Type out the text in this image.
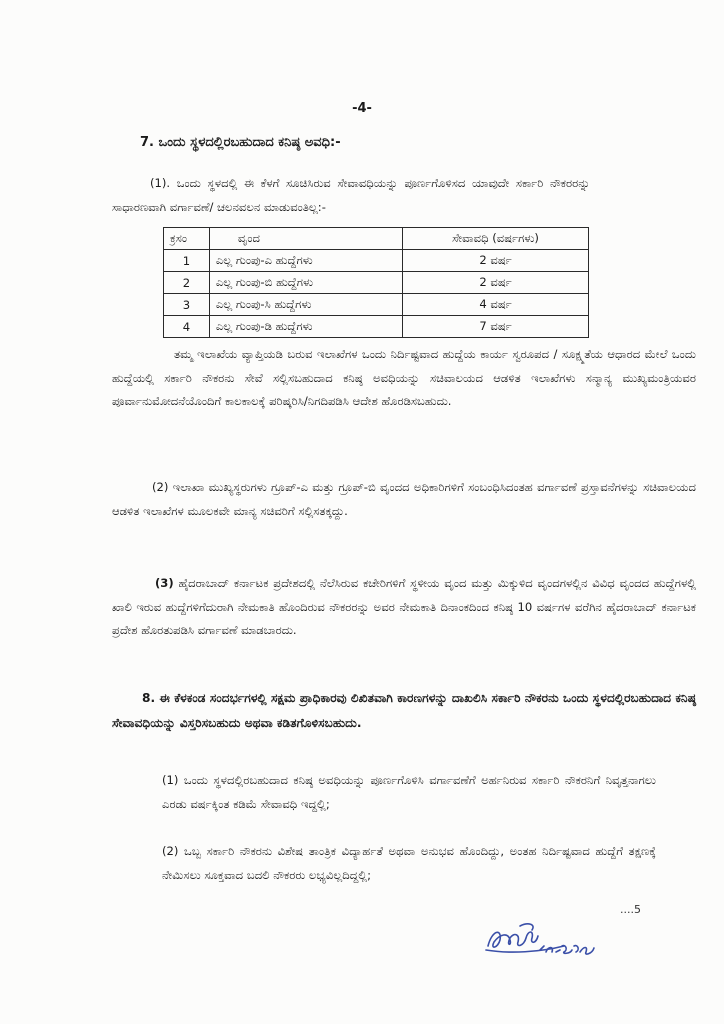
-4-

7. ಒಂದು ಸ್ಥಳದಲ್ಲಿರಬಹುದಾದ ಕನಿಷ್ಠ ಅವಧಿ:-

(1). ಒಂದು ಸ್ಥಳದಲ್ಲಿ ಈ ಕೆಳಗೆ ಸೂಚಿಸಿರುವ ಸೇವಾವಧಿಯನ್ನು ಪೂರ್ಣಗೊಳಿಸದ ಯಾವುದೇ ಸರ್ಕಾರಿ ನೌಕರರನ್ನು ಸಾಧಾರಣವಾಗಿ ವರ್ಗಾವಣೆ/ ಚಲನವಲನ ಮಾಡುವಂತಿಲ್ಲ:-

ಕ್ರಸಂ	ವೃಂದ	ಸೇವಾವಧಿ (ವರ್ಷಗಳು)
1	ಎಲ್ಲ ಗುಂಪು-ಎ ಹುದ್ದೆಗಳು	2 ವರ್ಷ
2	ಎಲ್ಲ ಗುಂಪು-ಬಿ ಹುದ್ದೆಗಳು	2 ವರ್ಷ
3	ಎಲ್ಲ ಗುಂಪು-ಸಿ ಹುದ್ದೆಗಳು	4 ವರ್ಷ
4	ಎಲ್ಲ ಗುಂಪು-ಡಿ ಹುದ್ದೆಗಳು	7 ವರ್ಷ

ತಮ್ಮ ಇಲಾಖೆಯ ವ್ಯಾಪ್ತಿಯಡಿ ಬರುವ ಇಲಾಖೆಗಳ ಒಂದು ನಿರ್ದಿಷ್ಟವಾದ ಹುದ್ದೆಯ ಕಾರ್ಯ ಸ್ವರೂಪದ / ಸೂಕ್ಷ್ಮತೆಯ ಆಧಾರದ ಮೇಲೆ ಒಂದು ಹುದ್ದೆಯಲ್ಲಿ ಸರ್ಕಾರಿ ನೌಕರನು ಸೇವೆ ಸಲ್ಲಿಸಬಹುದಾದ ಕನಿಷ್ಠ ಅವಧಿಯನ್ನು ಸಚಿವಾಲಯದ ಆಡಳಿತ ಇಲಾಖೆಗಳು ಸನ್ಮಾನ್ಯ ಮುಖ್ಯಮಂತ್ರಿಯವರ ಪೂರ್ವಾನುಮೋದನೆಯೊಂದಿಗೆ ಕಾಲಕಾಲಕ್ಕೆ ಪರಿಷ್ಕರಿಸಿ/ನಿಗದಿಪಡಿಸಿ ಆದೇಶ ಹೊರಡಿಸಬಹುದು.

(2) ಇಲಾಖಾ ಮುಖ್ಯಸ್ಥರುಗಳು ಗ್ರೂಪ್-ಎ ಮತ್ತು ಗ್ರೂಪ್-ಬಿ ವೃಂದದ ಅಧಿಕಾರಿಗಳಿಗೆ ಸಂಬಂಧಿಸಿದಂತಹ ವರ್ಗಾವಣೆ ಪ್ರಸ್ತಾವನೆಗಳನ್ನು ಸಚಿವಾಲಯದ ಆಡಳಿತ ಇಲಾಖೆಗಳ ಮೂಲಕವೇ ಮಾನ್ಯ ಸಚಿವರಿಗೆ ಸಲ್ಲಿಸತಕ್ಕದ್ದು.

(3) ಹೈದರಾಬಾದ್ ಕರ್ನಾಟಕ ಪ್ರದೇಶದಲ್ಲಿ ನೆಲೆಸಿರುವ ಕಚೇರಿಗಳಿಗೆ ಸ್ಥಳೀಯ ವೃಂದ ಮತ್ತು ಮಿಕ್ಕುಳಿದ ವೃಂದಗಳಲ್ಲಿನ ವಿವಿಧ ವೃಂದದ ಹುದ್ದೆಗಳಲ್ಲಿ ಖಾಲಿ ಇರುವ ಹುದ್ದೆಗಳಿಗೆದುರಾಗಿ ನೇಮಕಾತಿ ಹೊಂದಿರುವ ನೌಕರರನ್ನು ಅವರ ನೇಮಕಾತಿ ದಿನಾಂಕದಿಂದ ಕನಿಷ್ಠ 10 ವರ್ಷಗಳ ವರೆಗಿನ ಹೈದರಾಬಾದ್ ಕರ್ನಾಟಕ ಪ್ರದೇಶ ಹೊರತುಪಡಿಸಿ ವರ್ಗಾವಣೆ ಮಾಡಬಾರದು.

8. ಈ ಕೆಳಕಂಡ ಸಂದರ್ಭಗಳಲ್ಲಿ ಸಕ್ಷಮ ಪ್ರಾಧಿಕಾರವು ಲಿಖಿತವಾಗಿ ಕಾರಣಗಳನ್ನು ದಾಖಲಿಸಿ ಸರ್ಕಾರಿ ನೌಕರನು ಒಂದು ಸ್ಥಳದಲ್ಲಿರಬಹುದಾದ ಕನಿಷ್ಠ ಸೇವಾವಧಿಯನ್ನು ವಿಸ್ತರಿಸಬಹುದು ಅಥವಾ ಕಡಿತಗೊಳಿಸಬಹುದು.

(1) ಒಂದು ಸ್ಥಳದಲ್ಲಿರಬಹುದಾದ ಕನಿಷ್ಠ ಅವಧಿಯನ್ನು ಪೂರ್ಣಗೊಳಿಸಿ ವರ್ಗಾವಣೆಗೆ ಅರ್ಹನಿರುವ ಸರ್ಕಾರಿ ನೌಕರನಿಗೆ ನಿವೃತ್ತನಾಗಲು ಎರಡು ವರ್ಷಕ್ಕಿಂತ ಕಡಿಮೆ ಸೇವಾವಧಿ ಇದ್ದಲ್ಲಿ;

(2) ಒಬ್ಬ ಸರ್ಕಾರಿ ನೌಕರನು ವಿಶೇಷ ತಾಂತ್ರಿಕ ವಿದ್ಯಾರ್ಹತೆ ಅಥವಾ ಅನುಭವ ಹೊಂದಿದ್ದು, ಅಂತಹ ನಿರ್ದಿಷ್ಟವಾದ ಹುದ್ದೆಗೆ ತಕ್ಷಣಕ್ಕೆ ನೇಮಿಸಲು ಸೂಕ್ತವಾದ ಬದಲಿ ನೌಕರರು ಲಭ್ಯವಿಲ್ಲದಿದ್ದಲ್ಲಿ;

....5
